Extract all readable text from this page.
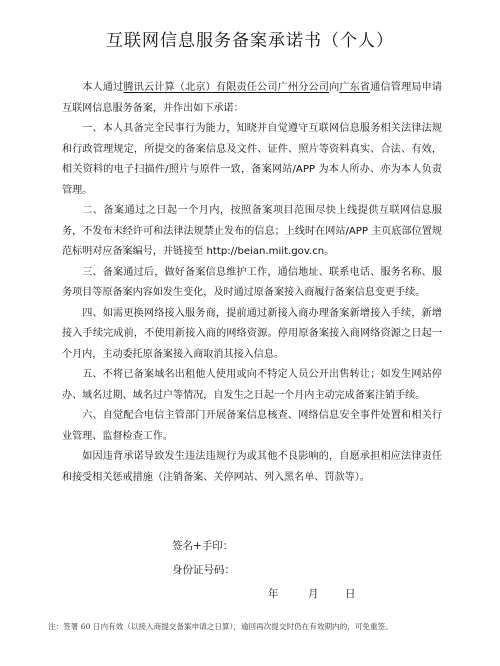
互联网信息服务备案承诺书（个人）

本人通过腾讯云计算（北京）有限责任公司广州分公司向广东省通信管理局申请互联网信息服务备案，并作出如下承诺：

一、本人具备完全民事行为能力，知晓并自觉遵守互联网信息服务相关法律法规和行政管理规定，所提交的备案信息及文件、证件、照片等资料真实、合法、有效，相关资料的电子扫描件/照片与原件一致，备案网站/APP 为本人所办、亦为本人负责管理。

二、备案通过之日起一个月内，按照备案项目范围尽快上线提供互联网信息服务，不发布未经许可和法律法规禁止发布的信息；上线时在网站/APP 主页底部位置规范标明对应备案编号，并链接至 http://beian.miit.gov.cn。

三、备案通过后，做好备案信息维护工作，通信地址、联系电话、服务名称、服务项目等原备案内容如发生变化，及时通过原备案接入商履行备案信息变更手续。

四、如需更换网络接入服务商，提前通过新接入商办理备案新增接入手续，新增接入手续完成前，不使用新接入商的网络资源。停用原备案接入商网络资源之日起一个月内，主动委托原备案接入商取消其接入信息。

五、不将已备案域名出租他人使用或向不特定人员公开出售转让；如发生网站停办、域名过期、域名过户等情况，自发生之日起一个月内主动完成备案注销手续。

六、自觉配合电信主管部门开展备案信息核查、网络信息安全事件处置和相关行业管理、监督检查工作。

如因违背承诺导致发生违法违规行为或其他不良影响的，自愿承担相应法律责任和接受相关惩戒措施（注销备案、关停网站、列入黑名单、罚款等）。

签名+手印：
身份证号码：
年	月	日
注：签署 60 日内有效（以接入商提交备案申请之日算），逾回再次提交时仍在有效期内的，可免重签。
